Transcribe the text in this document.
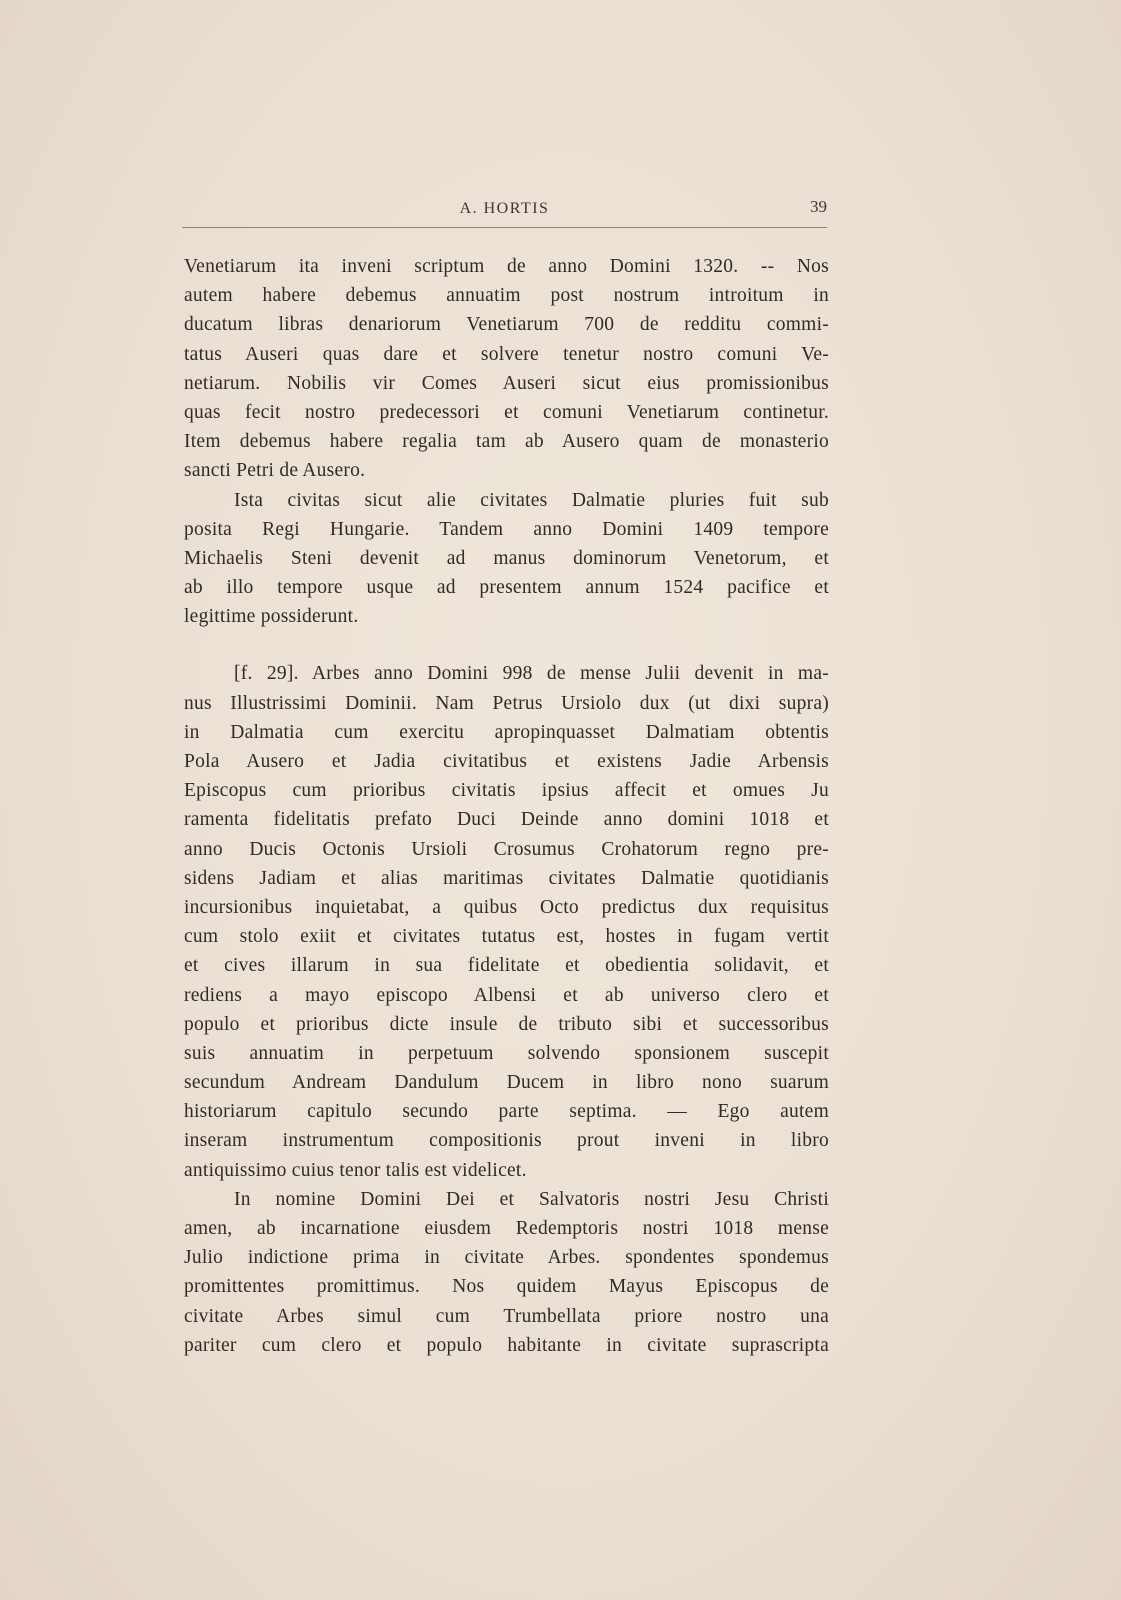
A. HORTIS	39
Venetiarum ita inveni scriptum de anno Domini 1320. -- Nos
autem habere debemus annuatim post nostrum introitum in
ducatum libras denariorum Venetiarum 700 de redditu commi-
tatus Auseri quas dare et solvere tenetur nostro comuni Ve-
netiarum. Nobilis vir Comes Auseri sicut eius promissionibus
quas fecit nostro predecessori et comuni Venetiarum continetur.
Item debemus habere regalia tam ab Ausero quam de monasterio
sancti Petri de Ausero.
Ista civitas sicut alie civitates Dalmatie pluries fuit sub
posita Regi Hungarie. Tandem anno Domini 1409 tempore
Michaelis Steni devenit ad manus dominorum Venetorum, et
ab illo tempore usque ad presentem annum 1524 pacifice et
legittime possiderunt.
[f. 29]. Arbes anno Domini 998 de mense Julii devenit in ma-
nus Illustrissimi Dominii. Nam Petrus Ursiolo dux (ut dixi supra)
in Dalmatia cum exercitu apropinquasset Dalmatiam obtentis
Pola Ausero et Jadia civitatibus et existens Jadie Arbensis
Episcopus cum prioribus civitatis ipsius affecit et omues Ju
ramenta fidelitatis prefato Duci Deinde anno domini 1018 et
anno Ducis Octonis Ursioli Crosumus Crohatorum regno pre-
sidens Jadiam et alias maritimas civitates Dalmatie quotidianis
incursionibus inquietabat, a quibus Octo predictus dux requisitus
cum stolo exiit et civitates tutatus est, hostes in fugam vertit
et cives illarum in sua fidelitate et obedientia solidavit, et
rediens a mayo episcopo Albensi et ab universo clero et
populo et prioribus dicte insule de tributo sibi et successoribus
suis annuatim in perpetuum solvendo sponsionem suscepit
secundum Andream Dandulum Ducem in libro nono suarum
historiarum capitulo secundo parte septima. — Ego autem
inseram instrumentum compositionis prout inveni in libro
antiquissimo cuius tenor talis est videlicet.
In nomine Domini Dei et Salvatoris nostri Jesu Christi
amen, ab incarnatione eiusdem Redemptoris nostri 1018 mense
Julio indictione prima in civitate Arbes. spondentes spondemus
promittentes promittimus. Nos quidem Mayus Episcopus de
civitate Arbes simul cum Trumbellata priore nostro una
pariter cum clero et populo habitante in civitate suprascripta
